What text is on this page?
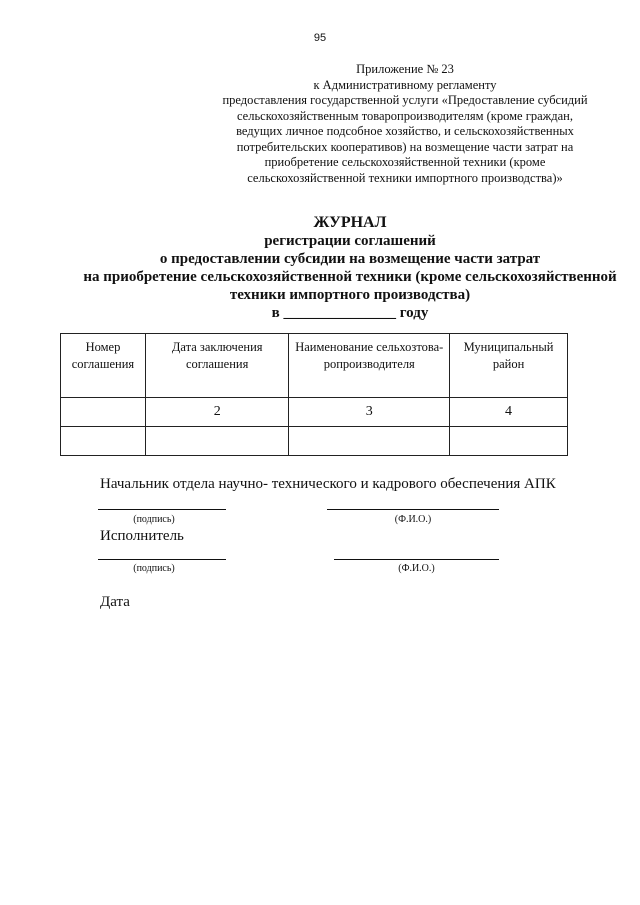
95
Приложение № 23
к Административному регламенту
предоставления государственной услуги «Предоставление субсидий
сельскохозяйственным товаропроизводителям (кроме граждан,
ведущих личное подсобное хозяйство, и сельскохозяйственных
потребительских кооперативов) на возмещение части затрат на
приобретение сельскохозяйственной техники (кроме
сельскохозяйственной техники импортного производства)»
ЖУРНАЛ
регистрации соглашений
о предоставлении субсидии на возмещение части затрат
на приобретение сельскохозяйственной техники (кроме сельскохозяйственной
техники импортного производства)
в _______________ году
Номер соглашения	Дата заключения соглашения	Наименование сельхозтова-ропроизводителя	Муниципальный район
	2	3	4

Начальник отдела научно- технического и кадрового обеспечения АПК
(подпись)	(Ф.И.О.)
Исполнитель
(подпись)	(Ф.И.О.)
Дата
